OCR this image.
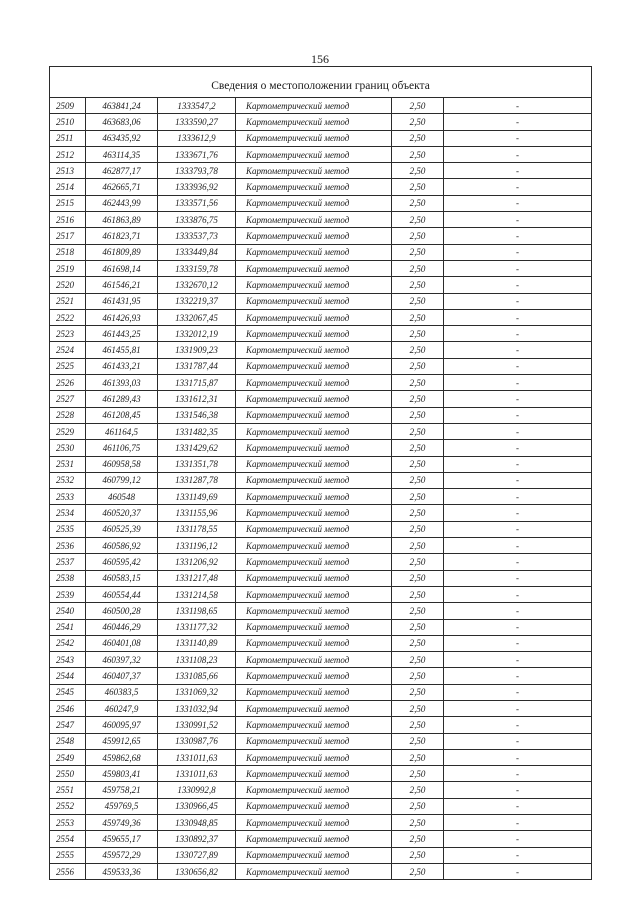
156

Сведения о местоположении границ объекта					
2509	463841,24	1333547,2	Картометрический метод	2,50	-
2510	463683,06	1333590,27	Картометрический метод	2,50	-
2511	463435,92	1333612,9	Картометрический метод	2,50	-
2512	463114,35	1333671,76	Картометрический метод	2,50	-
2513	462877,17	1333793,78	Картометрический метод	2,50	-
2514	462665,71	1333936,92	Картометрический метод	2,50	-
2515	462443,99	1333571,56	Картометрический метод	2,50	-
2516	461863,89	1333876,75	Картометрический метод	2,50	-
2517	461823,71	1333537,73	Картометрический метод	2,50	-
2518	461809,89	1333449,84	Картометрический метод	2,50	-
2519	461698,14	1333159,78	Картометрический метод	2,50	-
2520	461546,21	1332670,12	Картометрический метод	2,50	-
2521	461431,95	1332219,37	Картометрический метод	2,50	-
2522	461426,93	1332067,45	Картометрический метод	2,50	-
2523	461443,25	1332012,19	Картометрический метод	2,50	-
2524	461455,81	1331909,23	Картометрический метод	2,50	-
2525	461433,21	1331787,44	Картометрический метод	2,50	-
2526	461393,03	1331715,87	Картометрический метод	2,50	-
2527	461289,43	1331612,31	Картометрический метод	2,50	-
2528	461208,45	1331546,38	Картометрический метод	2,50	-
2529	461164,5	1331482,35	Картометрический метод	2,50	-
2530	461106,75	1331429,62	Картометрический метод	2,50	-
2531	460958,58	1331351,78	Картометрический метод	2,50	-
2532	460799,12	1331287,78	Картометрический метод	2,50	-
2533	460548	1331149,69	Картометрический метод	2,50	-
2534	460520,37	1331155,96	Картометрический метод	2,50	-
2535	460525,39	1331178,55	Картометрический метод	2,50	-
2536	460586,92	1331196,12	Картометрический метод	2,50	-
2537	460595,42	1331206,92	Картометрический метод	2,50	-
2538	460583,15	1331217,48	Картометрический метод	2,50	-
2539	460554,44	1331214,58	Картометрический метод	2,50	-
2540	460500,28	1331198,65	Картометрический метод	2,50	-
2541	460446,29	1331177,32	Картометрический метод	2,50	-
2542	460401,08	1331140,89	Картометрический метод	2,50	-
2543	460397,32	1331108,23	Картометрический метод	2,50	-
2544	460407,37	1331085,66	Картометрический метод	2,50	-
2545	460383,5	1331069,32	Картометрический метод	2,50	-
2546	460247,9	1331032,94	Картометрический метод	2,50	-
2547	460095,97	1330991,52	Картометрический метод	2,50	-
2548	459912,65	1330987,76	Картометрический метод	2,50	-
2549	459862,68	1331011,63	Картометрический метод	2,50	-
2550	459803,41	1331011,63	Картометрический метод	2,50	-
2551	459758,21	1330992,8	Картометрический метод	2,50	-
2552	459769,5	1330966,45	Картометрический метод	2,50	-
2553	459749,36	1330948,85	Картометрический метод	2,50	-
2554	459655,17	1330892,37	Картометрический метод	2,50	-
2555	459572,29	1330727,89	Картометрический метод	2,50	-
2556	459533,36	1330656,82	Картометрический метод	2,50	-
